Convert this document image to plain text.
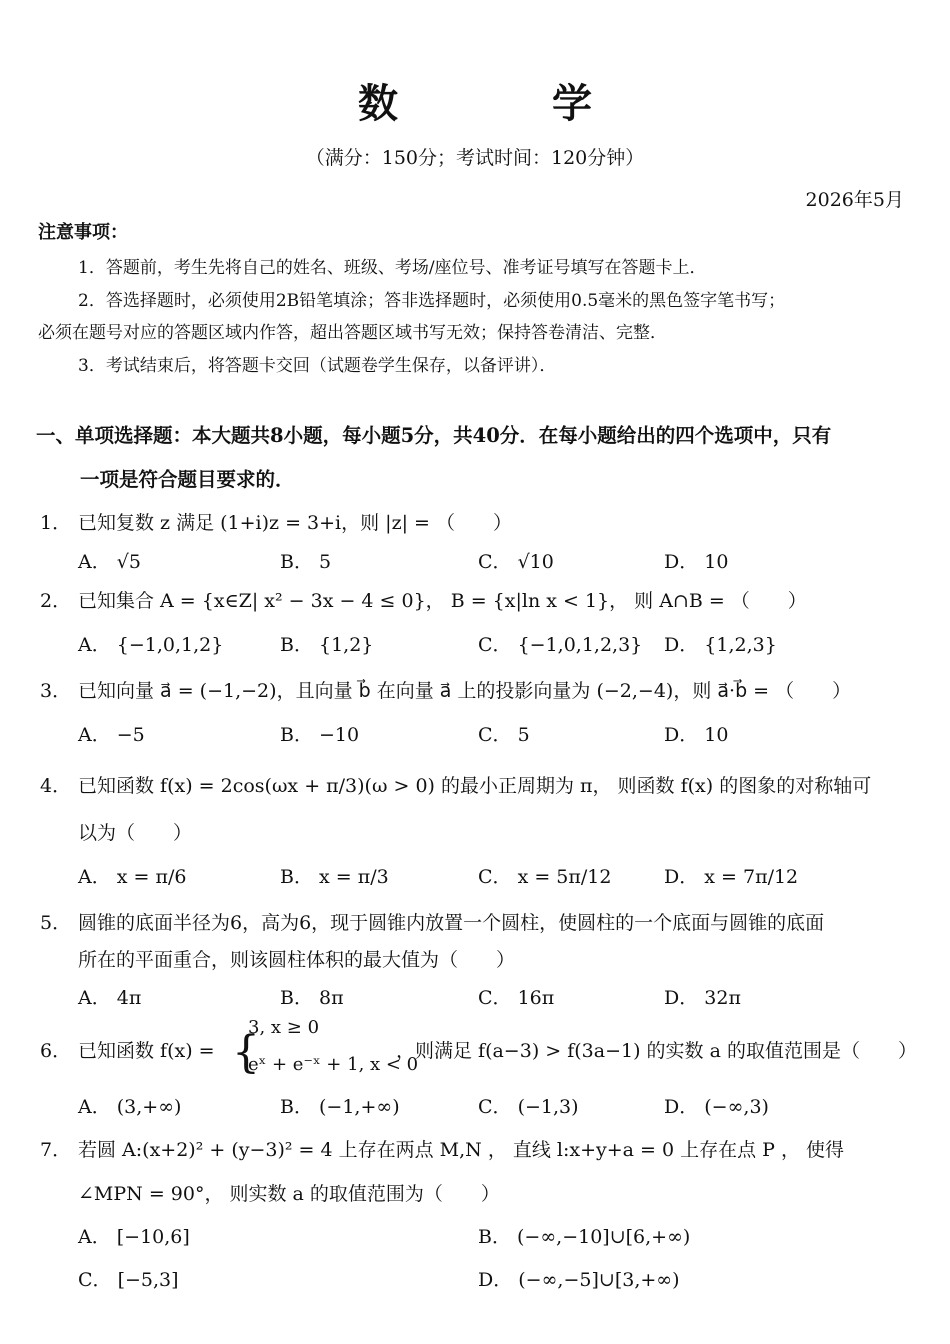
数 学
（满分：150分；考试时间：120分钟）
2026年5月
注意事项：
1．答题前，考生先将自己的姓名、班级、考场/座位号、准考证号填写在答题卡上．
2．答选择题时，必须使用2B铅笔填涂；答非选择题时，必须使用0.5毫米的黑色签字笔书写；
必须在题号对应的答题区域内作答，超出答题区域书写无效；保持答卷清洁、完整．
3．考试结束后，将答题卡交回（试题卷学生保存，以备评讲）．
一、单项选择题：本大题共8小题，每小题5分，共40分．在每小题给出的四个选项中，只有
一项是符合题目要求的．
1． 已知复数 z 满足 (1+i)z = 3+i，则 |z| = （　　）
A． √5	B． 5	C． √10	D． 10
2． 已知集合 A = {x∈Z| x² − 3x − 4 ≤ 0}， B = {x|ln x < 1}， 则 A∩B = （　　）
A． {−1,0,1,2}	B． {1,2}	C． {−1,0,1,2,3} D． {1,2,3}
3． 已知向量 a⃗ = (−1,−2)，且向量 b⃗ 在向量 a⃗ 上的投影向量为 (−2,−4)，则 a⃗·b⃗ = （　　）
A． −5	B． −10	C． 5	D． 10
4． 已知函数 f(x) = 2cos(ωx + π/3)(ω > 0) 的最小正周期为 π， 则函数 f(x) 的图象的对称轴可
以为（　　）
A． x = π/6	B． x = π/3	C． x = 5π/12	D． x = 7π/12
5． 圆锥的底面半径为6，高为6，现于圆锥内放置一个圆柱，使圆柱的一个底面与圆锥的底面
所在的平面重合，则该圆柱体积的最大值为（　　）
A． 4π	B． 8π	C． 16π	D． 32π
6． 已知函数 f(x) = {
3, x ≥ 0
eˣ + e⁻ˣ + 1, x < 0
，则满足 f(a−3) > f(3a−1) 的实数 a 的取值范围是（　　）
A． (3,+∞)	B． (−1,+∞)	C． (−1,3)	D． (−∞,3)
7． 若圆 A:(x+2)² + (y−3)² = 4 上存在两点 M,N ， 直线 l:x+y+a = 0 上存在点 P ， 使得
∠MPN = 90°， 则实数 a 的取值范围为（　　）
A． [−10,6]	B． (−∞,−10]∪[6,+∞)
C． [−5,3]	D． (−∞,−5]∪[3,+∞)
